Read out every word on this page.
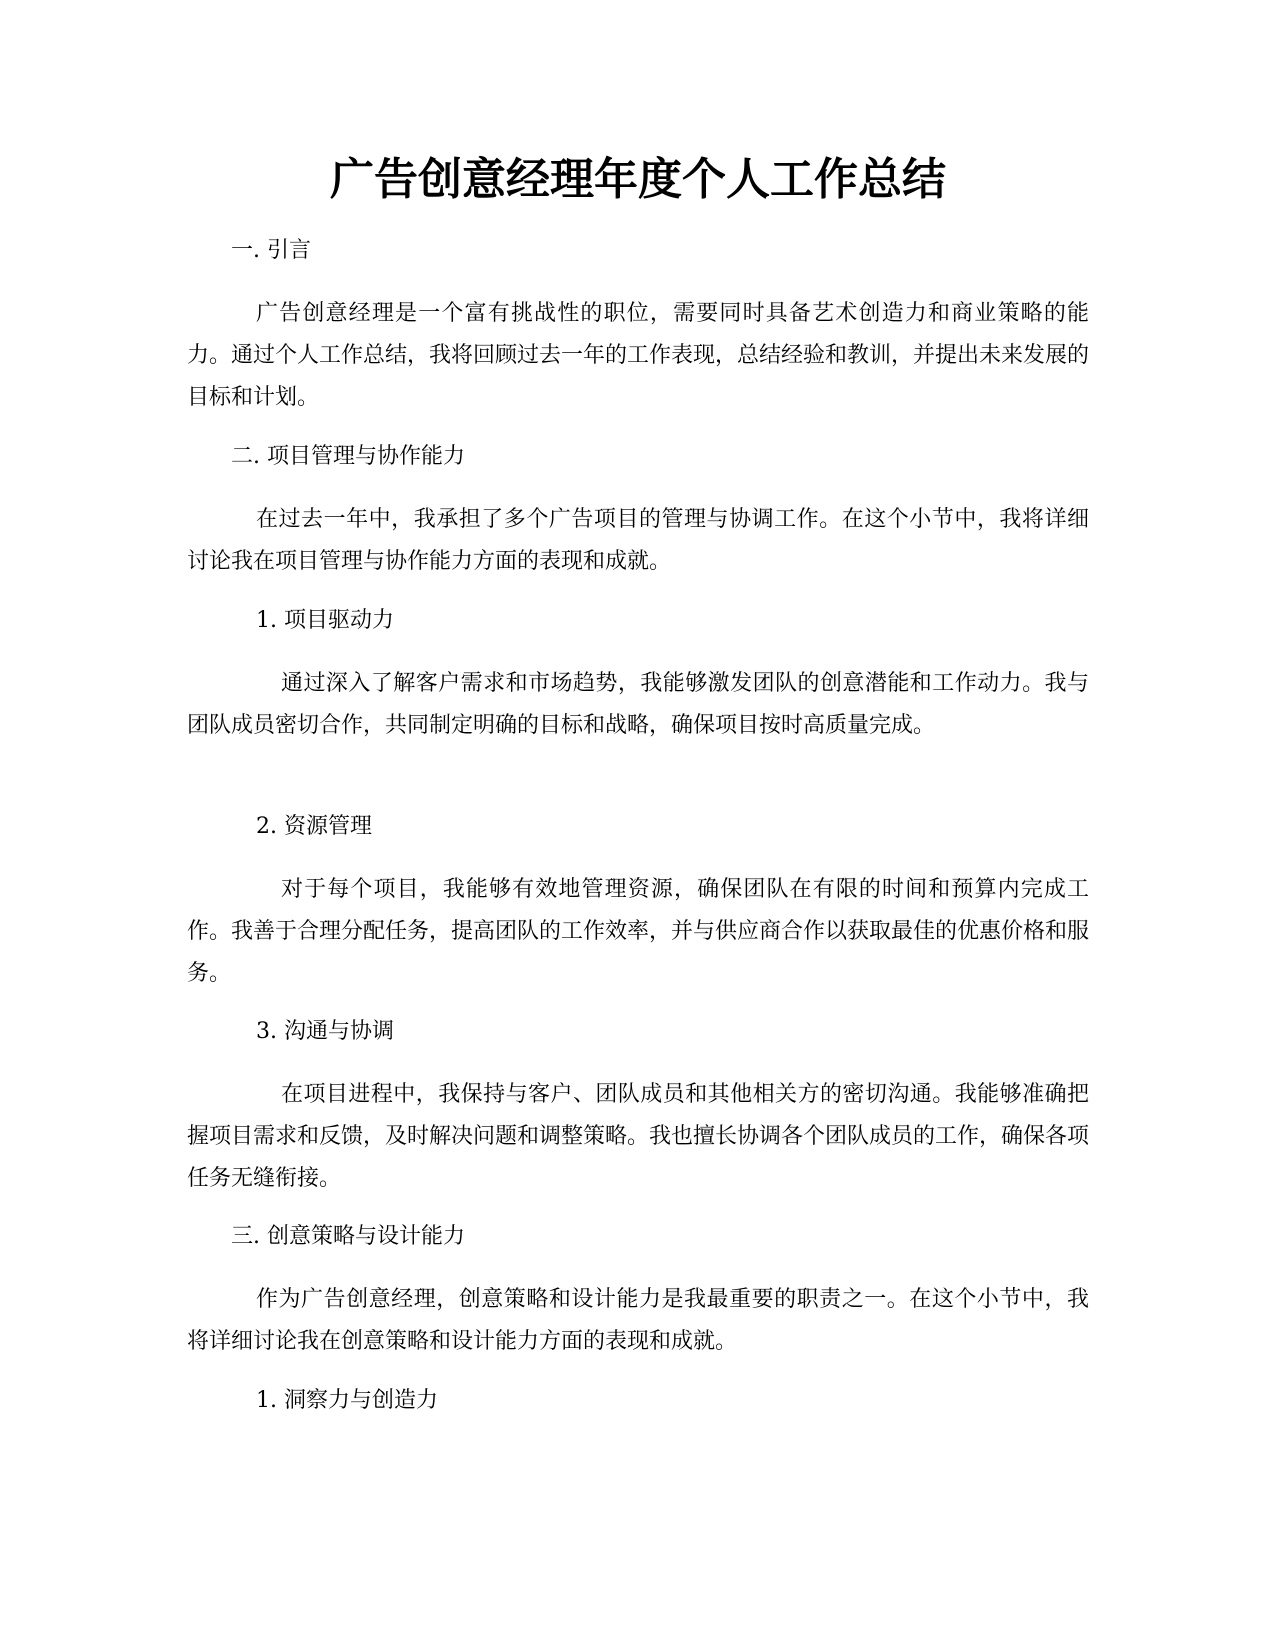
广告创意经理年度个人工作总结

一. 引言

广告创意经理是一个富有挑战性的职位，需要同时具备艺术创造力和商业策略的能力。通过个人工作总结，我将回顾过去一年的工作表现，总结经验和教训，并提出未来发展的目标和计划。

二. 项目管理与协作能力

在过去一年中，我承担了多个广告项目的管理与协调工作。在这个小节中，我将详细讨论我在项目管理与协作能力方面的表现和成就。

1. 项目驱动力

通过深入了解客户需求和市场趋势，我能够激发团队的创意潜能和工作动力。我与团队成员密切合作，共同制定明确的目标和战略，确保项目按时高质量完成。

2. 资源管理

对于每个项目，我能够有效地管理资源，确保团队在有限的时间和预算内完成工作。我善于合理分配任务，提高团队的工作效率，并与供应商合作以获取最佳的优惠价格和服务。

3. 沟通与协调

在项目进程中，我保持与客户、团队成员和其他相关方的密切沟通。我能够准确把握项目需求和反馈，及时解决问题和调整策略。我也擅长协调各个团队成员的工作，确保各项任务无缝衔接。

三. 创意策略与设计能力

作为广告创意经理，创意策略和设计能力是我最重要的职责之一。在这个小节中，我将详细讨论我在创意策略和设计能力方面的表现和成就。

1. 洞察力与创造力
